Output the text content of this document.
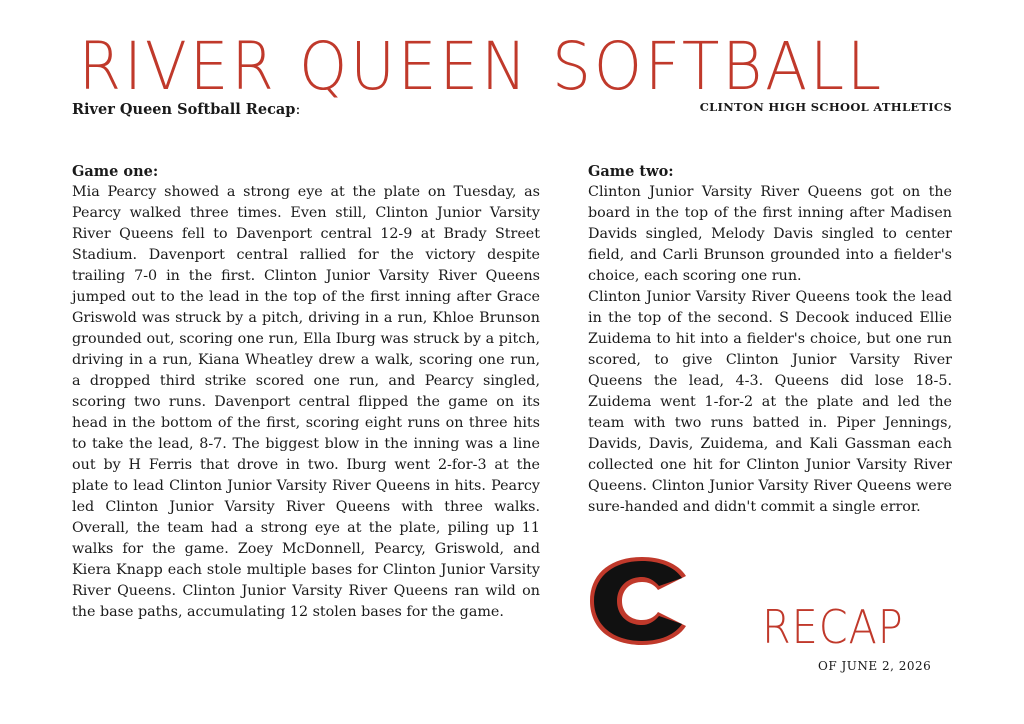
RIVER QUEEN SOFTBALL
River Queen Softball Recap:	CLINTON HIGH SCHOOL ATHLETICS
Game one:

Mia Pearcy showed a strong eye at the plate on Tuesday, as Pearcy walked three times. Even still, Clinton Junior Varsity River Queens fell to Davenport central 12-9 at Brady Street Stadium. Davenport central rallied for the victory despite trailing 7-0 in the first. Clinton Junior Varsity River Queens jumped out to the lead in the top of the first inning after Grace Griswold was struck by a pitch, driving in a run, Khloe Brunson grounded out, scoring one run, Ella Iburg was struck by a pitch, driving in a run, Kiana Wheatley drew a walk, scoring one run, a dropped third strike scored one run, and Pearcy singled, scoring two runs. Davenport central flipped the game on its head in the bottom of the first, scoring eight runs on three hits to take the lead, 8-7. The biggest blow in the inning was a line out by H Ferris that drove in two. Iburg went 2-for-3 at the plate to lead Clinton Junior Varsity River Queens in hits. Pearcy led Clinton Junior Varsity River Queens with three walks. Overall, the team had a strong eye at the plate, piling up 11 walks for the game. Zoey McDonnell, Pearcy, Griswold, and Kiera Knapp each stole multiple bases for Clinton Junior Varsity River Queens. Clinton Junior Varsity River Queens ran wild on the base paths, accumulating 12 stolen bases for the game.

Game two:

Clinton Junior Varsity River Queens got on the board in the top of the first inning after Madisen Davids singled, Melody Davis singled to center field, and Carli Brunson grounded into a fielder's choice, each scoring one run.

Clinton Junior Varsity River Queens took the lead in the top of the second. S Decook induced Ellie Zuidema to hit into a fielder's choice, but one run scored, to give Clinton Junior Varsity River Queens the lead, 4-3. Queens did lose 18-5. Zuidema went 1-for-2 at the plate and led the team with two runs batted in. Piper Jennings, Davids, Davis, Zuidema, and Kali Gassman each collected one hit for Clinton Junior Varsity River Queens. Clinton Junior Varsity River Queens were sure-handed and didn't commit a single error.

RECAP
OF JUNE 2, 2026
